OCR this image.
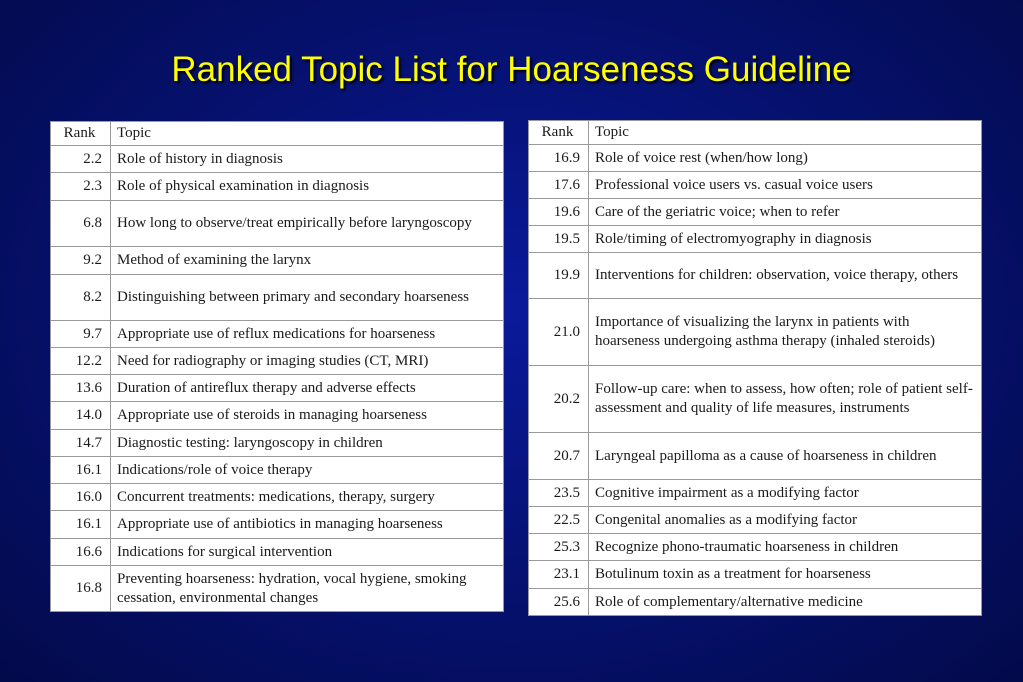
Ranked Topic List for Hoarseness Guideline
Rank	Topic
2.2	Role of history in diagnosis
2.3	Role of physical examination in diagnosis
6.8	How long to observe/treat empirically before laryngoscopy
9.2	Method of examining the larynx
8.2	Distinguishing between primary and secondary hoarseness
9.7	Appropriate use of reflux medications for hoarseness
12.2	Need for radiography or imaging studies (CT, MRI)
13.6	Duration of antireflux therapy and adverse effects
14.0	Appropriate use of steroids in managing hoarseness
14.7	Diagnostic testing: laryngoscopy in children
16.1	Indications/role of voice therapy
16.0	Concurrent treatments: medications, therapy, surgery
16.1	Appropriate use of antibiotics in managing hoarseness
16.6	Indications for surgical intervention
16.8	Preventing hoarseness: hydration, vocal hygiene, smoking cessation, environmental changes
Rank	Topic
16.9	Role of voice rest (when/how long)
17.6	Professional voice users vs. casual voice users
19.6	Care of the geriatric voice; when to refer
19.5	Role/timing of electromyography in diagnosis
19.9	Interventions for children: observation, voice therapy, others
21.0	Importance of visualizing the larynx in patients with hoarseness undergoing asthma therapy (inhaled steroids)
20.2	Follow-up care: when to assess, how often; role of patient self-assessment and quality of life measures, instruments
20.7	Laryngeal papilloma as a cause of hoarseness in children
23.5	Cognitive impairment as a modifying factor
22.5	Congenital anomalies as a modifying factor
25.3	Recognize phono-traumatic hoarseness in children
23.1	Botulinum toxin as a treatment for hoarseness
25.6	Role of complementary/alternative medicine
